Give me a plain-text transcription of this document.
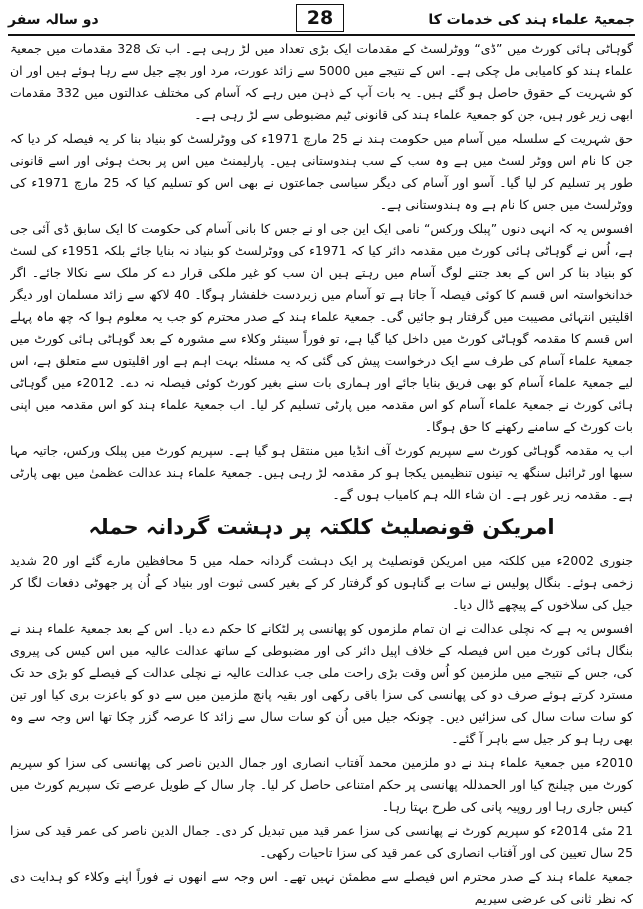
دو سالہ سفر	جمعیۃ علماء ہند کی خدمات کا
28

گوہاٹی ہائی کورٹ میں ”ڈی“ ووٹرلسٹ کے مقدمات ایک بڑی تعداد میں لڑ رہی ہے۔ اب تک 328 مقدمات میں جمعیۃ علماء ہند کو کامیابی مل چکی ہے۔ اس کے نتیجے میں 5000 سے زائد عورت، مرد اور بچے جیل سے رہا ہوئے ہیں اور ان کو شہریت کے حقوق حاصل ہو گئے ہیں۔ یہ بات آپ کے ذہن میں رہے کہ آسام کی مختلف عدالتوں میں 332 مقدمات ابھی زیر غور ہیں، جن کو جمعیۃ علماء ہند کی قانونی ٹیم مضبوطی سے لڑ رہی ہے۔

حق شہریت کے سلسلہ میں آسام میں حکومت ہند نے 25 مارچ 1971ء کی ووٹرلسٹ کو بنیاد بنا کر یہ فیصلہ کر دیا کہ جن کا نام اس ووٹر لسٹ میں ہے وہ سب کے سب ہندوستانی ہیں۔ پارلیمنٹ میں اس پر بحث ہوئی اور اسے قانونی طور پر تسلیم کر لیا گیا۔ آسو اور آسام کی دیگر سیاسی جماعتوں نے بھی اس کو تسلیم کیا کہ 25 مارچ 1971ء کی ووٹرلسٹ میں جس کا نام ہے وہ ہندوستانی ہے۔

افسوس یہ کہ انہی دنوں ”پبلک ورکس“ نامی ایک این جی او نے جس کا بانی آسام کی حکومت کا ایک سابق ڈی آئی جی ہے، اُس نے گوہاٹی ہائی کورٹ میں مقدمہ دائر کیا کہ 1971ء کی ووٹرلسٹ کو بنیاد نہ بنایا جائے بلکہ 1951ء کی لسٹ کو بنیاد بنا کر اس کے بعد جتنے لوگ آسام میں رہتے ہیں ان سب کو غیر ملکی قرار دے کر ملک سے نکالا جائے۔ اگر خدانخواستہ اس قسم کا کوئی فیصلہ آ جاتا ہے تو آسام میں زبردست خلفشار ہوگا۔ 40 لاکھ سے زائد مسلمان اور دیگر اقلیتیں انتہائی مصیبت میں گرفتار ہو جائیں گی۔ جمعیۃ علماء ہند کے صدر محترم کو جب یہ معلوم ہوا کہ چھ ماہ پہلے اس قسم کا مقدمہ گوہاٹی کورٹ میں داخل کیا گیا ہے، تو فوراً سینئر وکلاء سے مشورہ کے بعد گوہاٹی ہائی کورٹ میں جمعیۃ علماء آسام کی طرف سے ایک درخواست پیش کی گئی کہ یہ مسئلہ بہت اہم ہے اور اقلیتوں سے متعلق ہے، اس لیے جمعیۃ علماء آسام کو بھی فریق بنایا جائے اور ہماری بات سنے بغیر کورٹ کوئی فیصلہ نہ دے۔ 2012ء میں گوہاٹی ہائی کورٹ نے جمعیۃ علماء آسام کو اس مقدمہ میں پارٹی تسلیم کر لیا۔ اب جمعیۃ علماء ہند کو اس مقدمہ میں اپنی بات کورٹ کے سامنے رکھنے کا حق ہوگا۔

اب یہ مقدمہ گوہاٹی کورٹ سے سپریم کورٹ آف انڈیا میں منتقل ہو گیا ہے۔ سپریم کورٹ میں پبلک ورکس، جاتیہ مہا سبھا اور ٹرائبل سنگھ یہ تینوں تنظیمیں یکجا ہو کر مقدمہ لڑ رہی ہیں۔ جمعیۃ علماء ہند عدالت عظمیٰ میں بھی پارٹی ہے۔ مقدمہ زیر غور ہے۔ ان شاء اللہ ہم کامیاب ہوں گے۔

امریکن قونصلیٹ کلکتہ پر دہشت گردانہ حملہ

جنوری 2002ء میں کلکتہ میں امریکن قونصلیٹ پر ایک دہشت گردانہ حملہ میں 5 محافظین مارے گئے اور 20 شدید زخمی ہوئے۔ بنگال پولیس نے سات بے گناہوں کو گرفتار کر کے بغیر کسی ثبوت اور بنیاد کے اُن پر جھوٹی دفعات لگا کر جیل کی سلاخوں کے پیچھے ڈال دیا۔

افسوس یہ ہے کہ نچلی عدالت نے ان تمام ملزموں کو پھانسی پر لٹکانے کا حکم دے دیا۔ اس کے بعد جمعیۃ علماء ہند نے بنگال ہائی کورٹ میں اس فیصلہ کے خلاف اپیل دائر کی اور مضبوطی کے ساتھ عدالت عالیہ میں اس کیس کی پیروی کی، جس کے نتیجے میں ملزمین کو اُس وقت بڑی راحت ملی جب عدالت عالیہ نے نچلی عدالت کے فیصلے کو بڑی حد تک مسترد کرتے ہوئے صرف دو کی پھانسی کی سزا باقی رکھی اور بقیہ پانچ ملزمین میں سے دو کو باعزت بری کیا اور تین کو سات سات سال کی سزائیں دیں۔ چونکہ جیل میں اُن کو سات سال سے زائد کا عرصہ گزر چکا تھا اس وجہ سے وہ بھی رہا ہو کر جیل سے باہر آ گئے۔

2010ء میں جمعیۃ علماء ہند نے دو ملزمین محمد آفتاب انصاری اور جمال الدین ناصر کی پھانسی کی سزا کو سپریم کورٹ میں چیلنج کیا اور الحمدللہ پھانسی پر حکم امتناعی حاصل کر لیا۔ چار سال کے طویل عرصے تک سپریم کورٹ میں کیس جاری رہا اور روپیہ پانی کی طرح بہتا رہا۔

21 مئی 2014ء کو سپریم کورٹ نے پھانسی کی سزا عمر قید میں تبدیل کر دی۔ جمال الدین ناصر کی عمر قید کی سزا 25 سال تعیین کی اور آفتاب انصاری کی عمر قید کی سزا تاحیات رکھی۔

جمعیۃ علماء ہند کے صدر محترم اس فیصلے سے مطمئن نہیں تھے۔ اس وجہ سے انھوں نے فوراً اپنے وکلاء کو ہدایت دی کہ نظر ثانی کی عرضی سپریم
